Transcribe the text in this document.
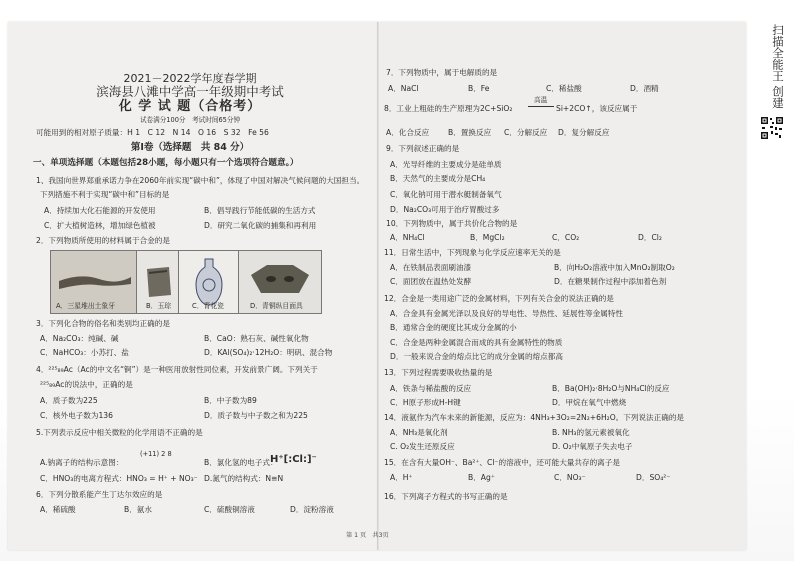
2021－2022学年度春学期
滨海县八滩中学高一年级期中考试
化 学 试 题（合格考）
试卷满分100分　考试时间65分钟
可能用到的相对原子质量：H 1　C 12　N 14　O 16　S 32　Fe 56
第Ⅰ卷（选择题　共 84 分）
一、单项选择题（本题包括28小题，每小题只有一个选项符合题意。）
1、我国向世界郑重承诺力争在2060年前实现“碳中和”，体现了中国对解决气候问题的大国担当。
下列措施不利于实现“碳中和”目标的是
A．持续加大化石能源的开发使用	B．倡导践行节能低碳的生活方式
C．扩大植树造林，增加绿色植被	D．研究二氧化碳的捕集和再利用
2．下列物质所使用的材料属于合金的是
A．三星堆出土象牙	B．玉琮	C．青花瓷	D．青铜纵目面具
3．下列化合物的俗名和类别均正确的是
A．Na₂CO₃：纯碱、碱	B．CaO：熟石灰、碱性氧化物
C．NaHCO₃：小苏打、盐	D．KAl(SO₄)₂·12H₂O：明矾、混合物
4．²²⁵₈₉Ac（Ac的中文名“锕”）是一种医用放射性同位素，开发前景广阔。下列关于
²²⁵₈₉Ac的说法中，正确的是
A．质子数为225	B．中子数为89
C．核外电子数为136	D．质子数与中子数之和为225
5.下列表示反应中相关微粒的化学用语不正确的是
A.钠离子的结构示意图：
(+11) 2 8
B．氯化氢的电子式：
H⁺[:Cl:]⁻
C．HNO₃的电离方程式：HNO₃ = H⁺ + NO₃⁻ D.氮气的结构式：N≡N
6．下列分散系能产生丁达尔效应的是
A．稀硫酸	B．氨水	C．硫酸铜溶液	D．淀粉溶液
7．下列物质中，属于电解质的是
A．NaCl	B．Fe	C．稀盐酸	D．酒精
8．工业上粗硅的生产原理为2C+SiO₂
高温
Si+2CO↑，该反应属于
A．化合反应 B．置换反应 C．分解反应 D．复分解反应
9．下列叙述正确的是
A．光导纤维的主要成分是硅单质
B．天然气的主要成分是CH₄
C．氧化钠可用于潜水艇制备氧气
D．Na₂CO₃可用于治疗胃酸过多
10．下列物质中，属于共价化合物的是
A．NH₄Cl	B．MgCl₂	C．CO₂	D．Cl₂
11．日常生活中，下列现象与化学反应速率无关的是
A．在铁制品表面刷油漆	B．向H₂O₂溶液中加入MnO₂制取O₂
C．面团放在温热处发酵	D．在糖果制作过程中添加着色剂
12．合金是一类用途广泛的金属材料，下列有关合金的说法正确的是
A．合金具有金属光泽以及良好的导电性、导热性、延展性等金属特性
B．通常合金的硬度比其成分金属的小
C．合金是两种金属混合而成的具有金属特性的物质
D．一般来说合金的熔点比它的成分金属的熔点都高
13．下列过程需要吸收热量的是
A．铁条与稀盐酸的反应	B．Ba(OH)₂·8H₂O与NH₄Cl的反应
C．H原子形成H-H键	D．甲烷在氧气中燃烧
14．液氨作为汽车未来的新能源，反应为：4NH₃+3O₂=2N₂+6H₂O。下列说法正确的是
A．NH₃是氧化剂	B. NH₃的氢元素被氧化
C. O₂发生还原反应	D. O₂中氧原子失去电子
15．在含有大量OH⁻、Ba²⁺、Cl⁻的溶液中，还可能大量共存的离子是
A．H⁺	B．Ag⁺	C．NO₃⁻	D．SO₄²⁻
16．下列离子方程式的书写正确的是
第 1 页　共3页
扫描全能王 创建
